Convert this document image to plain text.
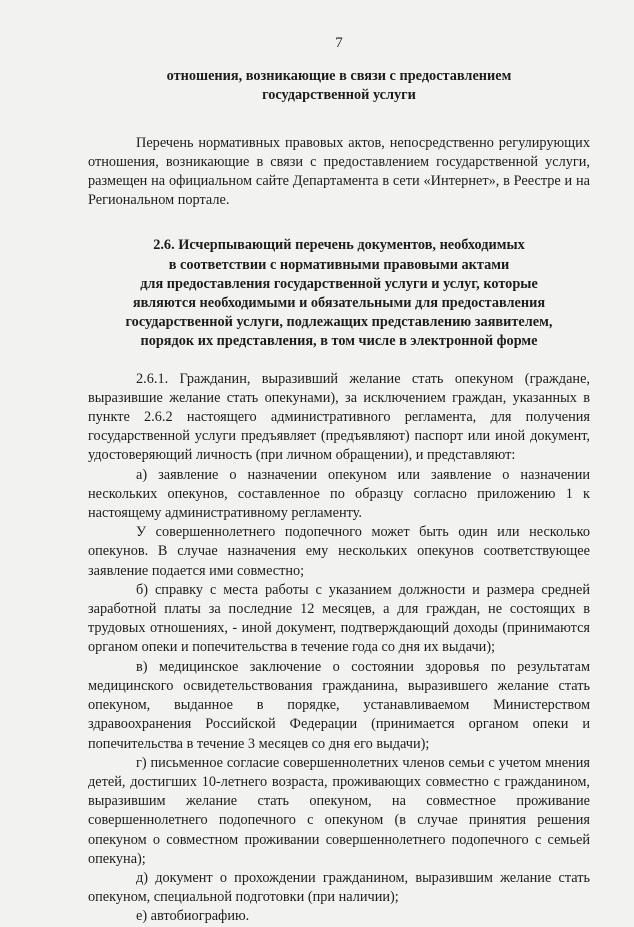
7
отношения, возникающие в связи с предоставлением
государственной услуги

Перечень нормативных правовых актов, непосредственно регулирующих отношения, возникающие в связи с предоставлением государственной услуги, размещен на официальном сайте Департамента в сети «Интернет», в Реестре и на Региональном портале.

2.6. Исчерпывающий перечень документов, необходимых
в соответствии с нормативными правовыми актами
для предоставления государственной услуги и услуг, которые
являются необходимыми и обязательными для предоставления
государственной услуги, подлежащих представлению заявителем,
порядок их представления, в том числе в электронной форме

2.6.1. Гражданин, выразивший желание стать опекуном (граждане, выразившие желание стать опекунами), за исключением граждан, указанных в пункте 2.6.2 настоящего административного регламента, для получения государственной услуги предъявляет (предъявляют) паспорт или иной документ, удостоверяющий личность (при личном обращении), и представляют:

а) заявление о назначении опекуном или заявление о назначении нескольких опекунов, составленное по образцу согласно приложению 1 к настоящему административному регламенту.

У совершеннолетнего подопечного может быть один или несколько опекунов. В случае назначения ему нескольких опекунов соответствующее заявление подается ими совместно;

б) справку с места работы с указанием должности и размера средней заработной платы за последние 12 месяцев, а для граждан, не состоящих в трудовых отношениях, - иной документ, подтверждающий доходы (принимаются органом опеки и попечительства в течение года со дня их выдачи);

в) медицинское заключение о состоянии здоровья по результатам медицинского освидетельствования гражданина, выразившего желание стать опекуном, выданное в порядке, устанавливаемом Министерством здравоохранения Российской Федерации (принимается органом опеки и попечительства в течение 3 месяцев со дня его выдачи);

г) письменное согласие совершеннолетних членов семьи с учетом мнения детей, достигших 10-летнего возраста, проживающих совместно с гражданином, выразившим желание стать опекуном, на совместное проживание совершеннолетнего подопечного с опекуном (в случае принятия решения опекуном о совместном проживании совершеннолетнего подопечного с семьей опекуна);

д) документ о прохождении гражданином, выразившим желание стать опекуном, специальной подготовки (при наличии);

е) автобиографию.
